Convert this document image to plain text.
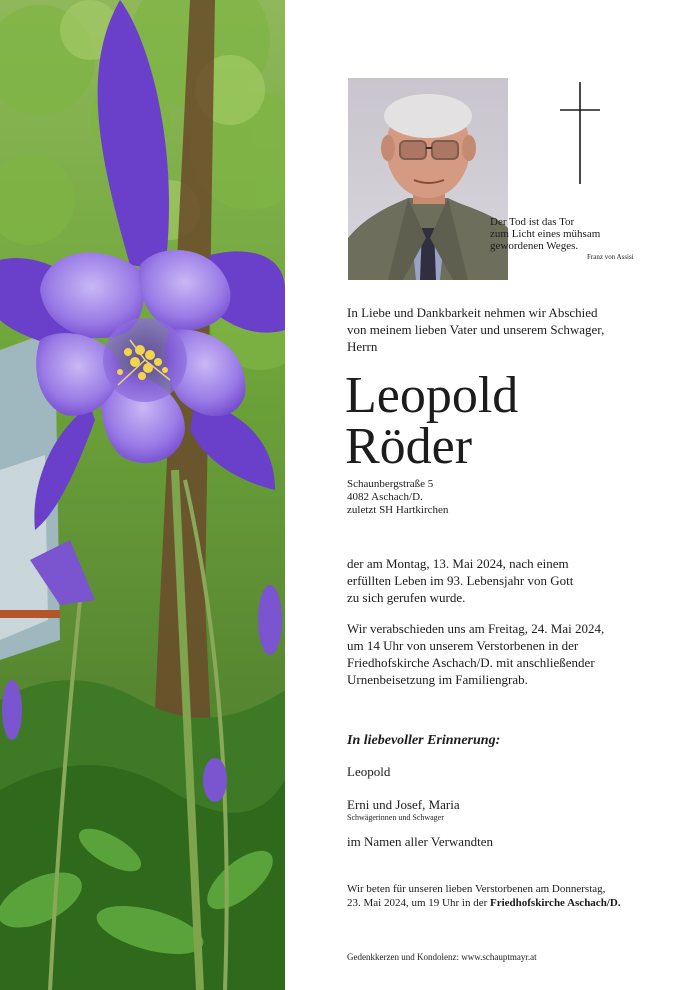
Der Tod ist das Tor
zum Licht eines mühsam
gewordenen Weges.
Franz von Assisi
In Liebe und Dankbarkeit nehmen wir Abschied
von meinem lieben Vater und unserem Schwager,
Herrn
Leopold
Röder
Schaunbergstraße 5
4082 Aschach/D.
zuletzt SH Hartkirchen
der am Montag, 13. Mai 2024, nach einem
erfüllten Leben im 93. Lebensjahr von Gott
zu sich gerufen wurde.
Wir verabschieden uns am Freitag, 24. Mai 2024,
um 14 Uhr von unserem Verstorbenen in der
Friedhofskirche Aschach/D. mit anschließender
Urnenbeisetzung im Familiengrab.
In liebevoller Erinnerung:
Leopold
Erni und Josef, Maria
Schwägerinnen und Schwager
im Namen aller Verwandten
Wir beten für unseren lieben Verstorbenen am Donnerstag,
23. Mai 2024, um 19 Uhr in der Friedhofskirche Aschach/D.
Gedenkkerzen und Kondolenz: www.schauptmayr.at
